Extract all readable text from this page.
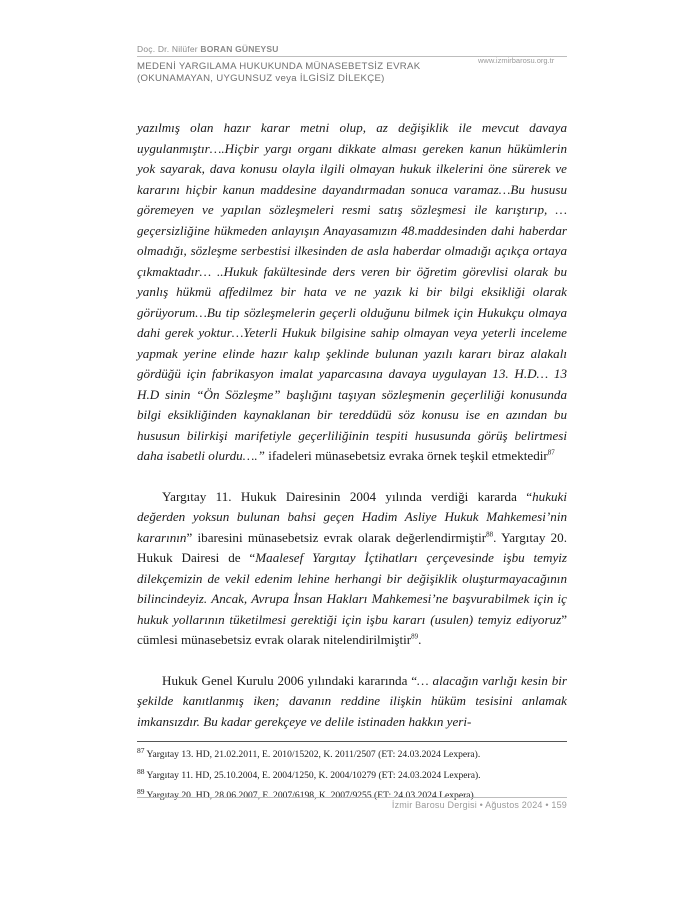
Doç. Dr. Nilüfer BORAN GÜNEYSU
www.izmirbarosu.org.tr
MEDENİ YARGILAMA HUKUKUNDA MÜNASEBETSİZ EVRAK
(OKUNAMAYAN, UYGUNSUZ veya İLGİSİZ DİLEKÇE)

yazılmış olan hazır karar metni olup, az değişiklik ile mevcut davaya uygulanmıştır….Hiçbir yargı organı dikkate alması gereken kanun hükümlerin yok sayarak, dava konusu olayla ilgili olmayan hukuk ilkelerini öne sürerek ve kararını hiçbir kanun maddesine dayandırmadan sonuca varamaz…Bu hususu göremeyen ve yapılan sözleşmeleri resmi satış sözleşmesi ile karıştırıp, …geçersizliğine hükmeden anlayışın Anayasamızın 48.maddesinden dahi haberdar olmadığı, sözleşme serbestisi ilkesinden de asla haberdar olmadığı açıkça ortaya çıkmaktadır… ..Hukuk fakültesinde ders veren bir öğretim görevlisi olarak bu yanlış hükmü affedilmez bir hata ve ne yazık ki bir bilgi eksikliği olarak görüyorum…Bu tip sözleşmelerin geçerli olduğunu bilmek için Hukukçu olmaya dahi gerek yoktur…Yeterli Hukuk bilgisine sahip olmayan veya yeterli inceleme yapmak yerine elinde hazır kalıp şeklinde bulunan yazılı kararı biraz alakalı gördüğü için fabrikasyon imalat yaparcasına davaya uygulayan 13. H.D… 13 H.D sinin “Ön Sözleşme” başlığını taşıyan sözleşmenin geçerliliği konusunda bilgi eksikliğinden kaynaklanan bir tereddüdü söz konusu ise en azından bu hususun bilirkişi marifetiyle geçerliliğinin tespiti hususunda görüş belirtmesi daha isabetli olurdu….” ifadeleri münasebetsiz evraka örnek teşkil etmektedir$^{87}$

Yargıtay 11. Hukuk Dairesinin 2004 yılında verdiği kararda “hukuki değerden yoksun bulunan bahsi geçen Hadim Asliye Hukuk Mahkemesi’nin kararının” ibaresini münasebetsiz evrak olarak değerlendirmiştir$^{88}$. Yargıtay 20. Hukuk Dairesi de “Maalesef Yargıtay İçtihatları çerçevesinde işbu temyiz dilekçemizin de vekil edenim lehine herhangi bir değişiklik oluşturmayacağının bilincindeyiz. Ancak, Avrupa İnsan Hakları Mahkemesi’ne başvurabilmek için iç hukuk yollarının tüketilmesi gerektiği için işbu kararı (usulen) temyiz ediyoruz” cümlesi münasebetsiz evrak olarak nitelendirilmiştir$^{89}$.

Hukuk Genel Kurulu 2006 yılındaki kararında “… alacağın varlığı kesin bir şekilde kanıtlanmış iken; davanın reddine ilişkin hüküm tesisini anlamak imkansızdır. Bu kadar gerekçeye ve delile istinaden hakkın yeri-

$^{87}$ Yargıtay 13. HD, 21.02.2011, E. 2010/15202, K. 2011/2507 (ET: 24.03.2024 Lexpera).
$^{88}$ Yargıtay 11. HD, 25.10.2004, E. 2004/1250, K. 2004/10279 (ET: 24.03.2024 Lexpera).
$^{89}$ Yargıtay 20. HD, 28.06.2007, E. 2007/6198, K. 2007/9255 (ET: 24.03.2024 Lexpera).
İzmir Barosu Dergisi • Ağustos 2024 • 159
